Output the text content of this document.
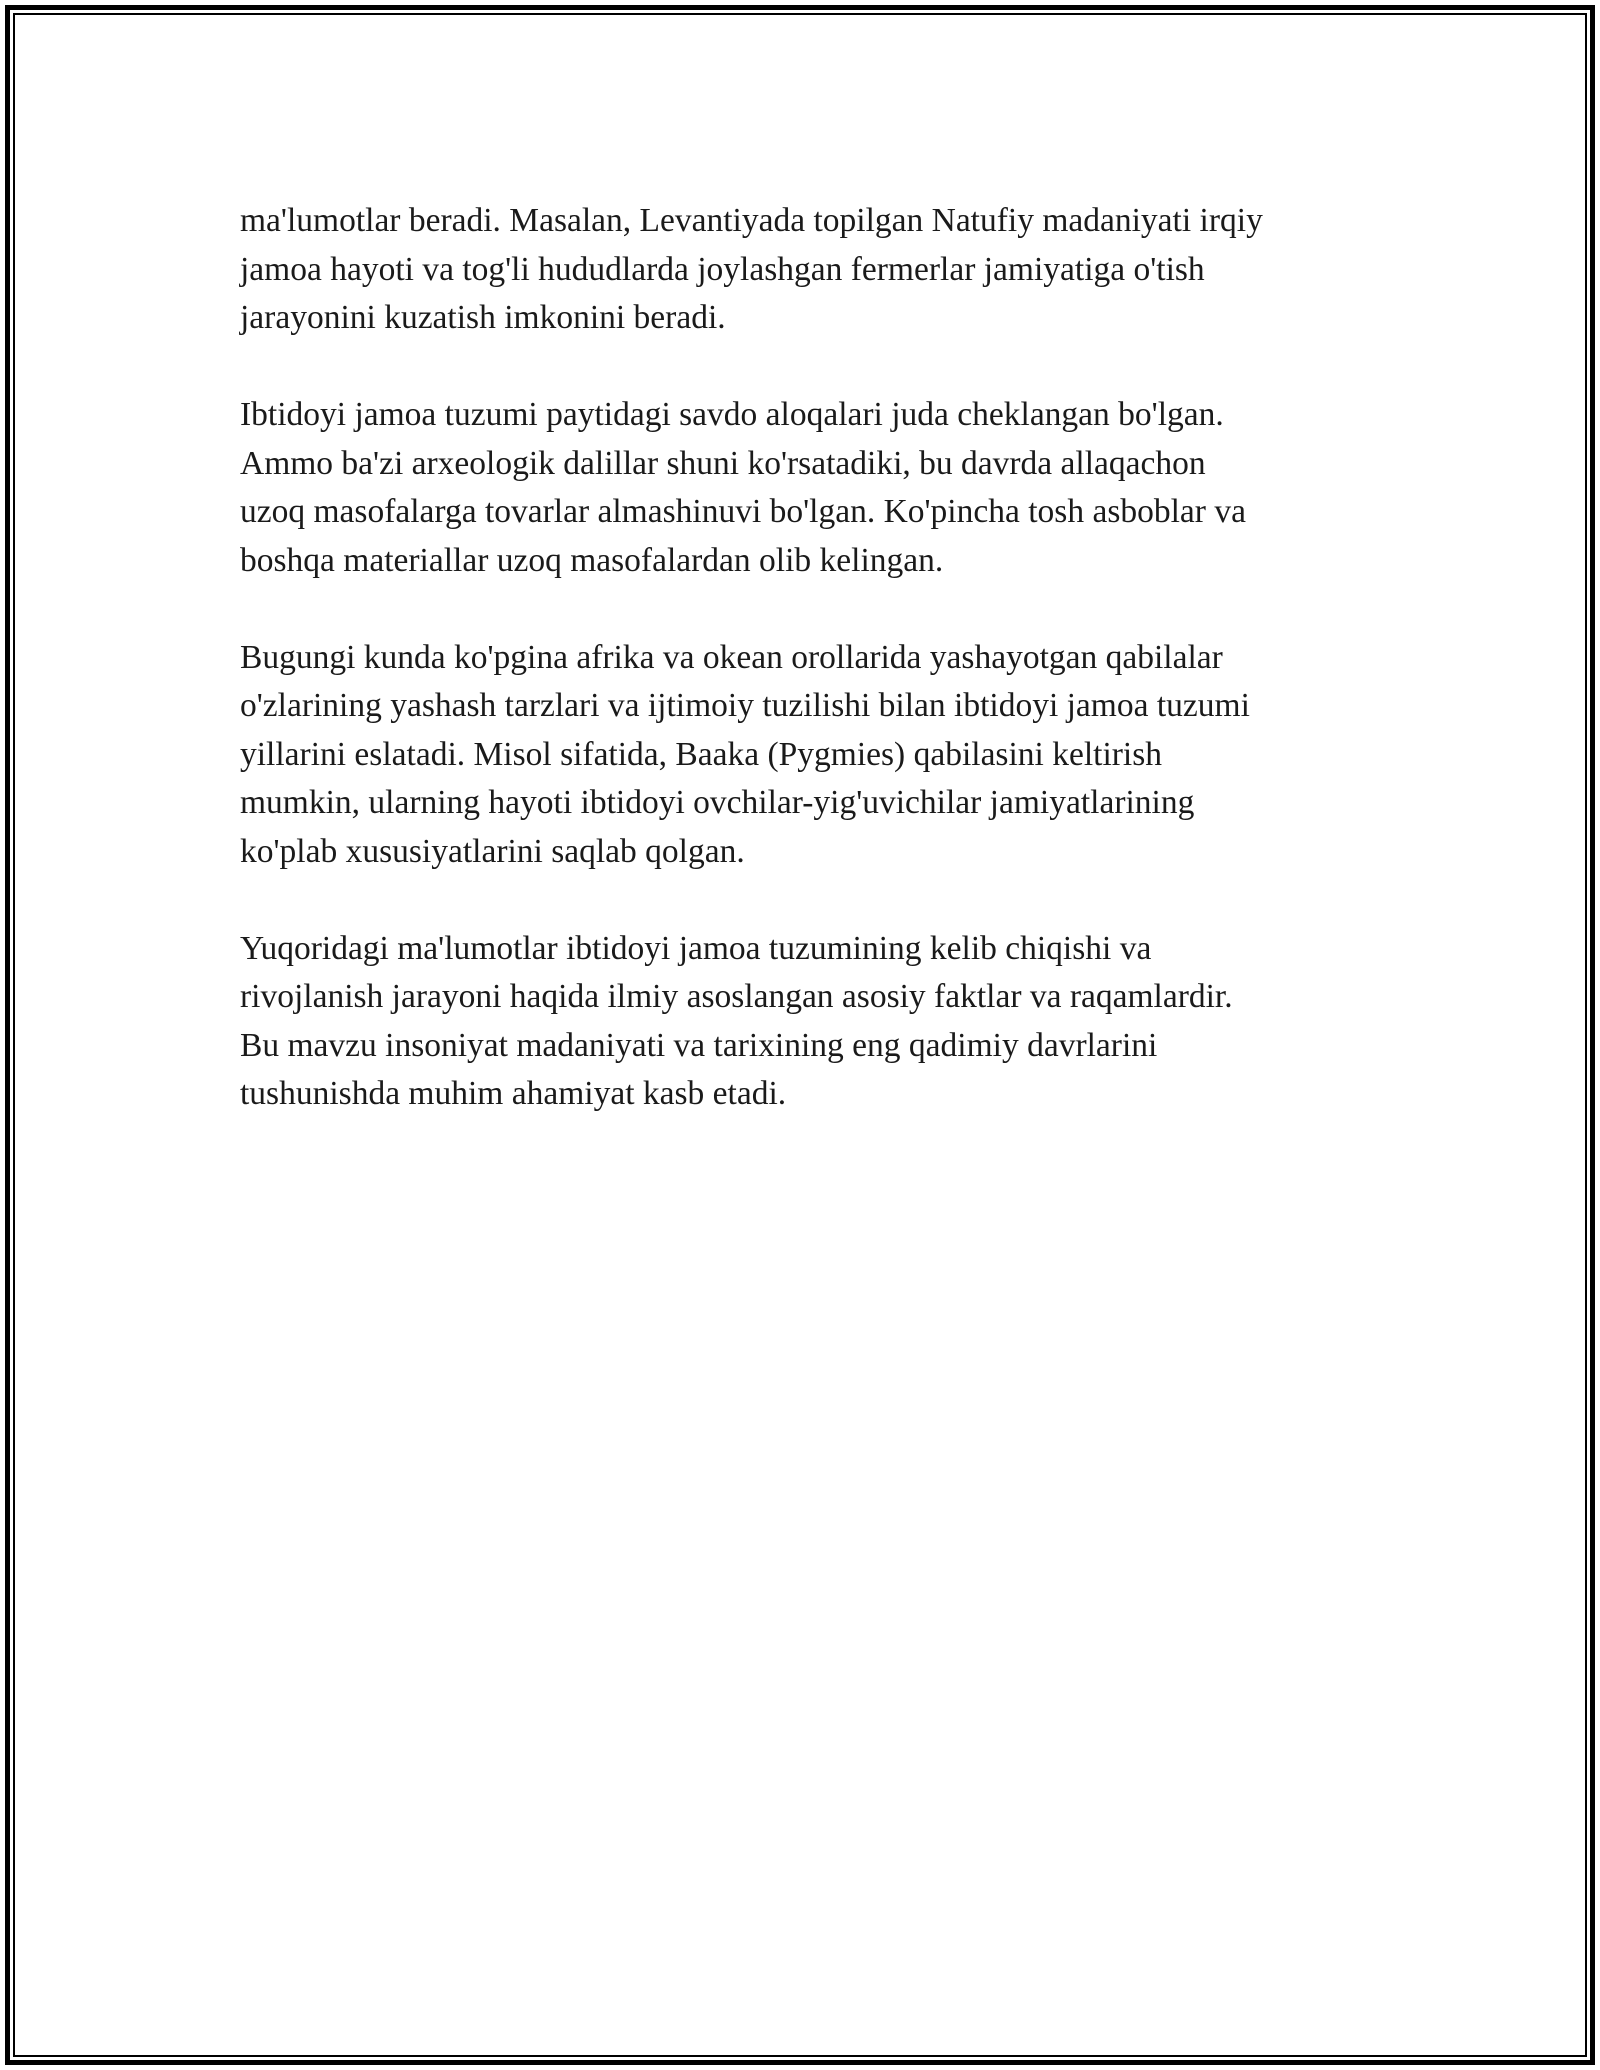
ma'lumotlar beradi. Masalan, Levantiyada topilgan Natufiy madaniyati irqiy
jamoa hayoti va tog'li hududlarda joylashgan fermerlar jamiyatiga o'tish
jarayonini kuzatish imkonini beradi.

Ibtidoyi jamoa tuzumi paytidagi savdo aloqalari juda cheklangan bo'lgan.
Ammo ba'zi arxeologik dalillar shuni ko'rsatadiki, bu davrda allaqachon
uzoq masofalarga tovarlar almashinuvi bo'lgan. Ko'pincha tosh asboblar va
boshqa materiallar uzoq masofalardan olib kelingan.

Bugungi kunda ko'pgina afrika va okean orollarida yashayotgan qabilalar
o'zlarining yashash tarzlari va ijtimoiy tuzilishi bilan ibtidoyi jamoa tuzumi
yillarini eslatadi. Misol sifatida, Baaka (Pygmies) qabilasini keltirish
mumkin, ularning hayoti ibtidoyi ovchilar-yig'uvichilar jamiyatlarining
ko'plab xususiyatlarini saqlab qolgan.

Yuqoridagi ma'lumotlar ibtidoyi jamoa tuzumining kelib chiqishi va
rivojlanish jarayoni haqida ilmiy asoslangan asosiy faktlar va raqamlardir.
Bu mavzu insoniyat madaniyati va tarixining eng qadimiy davrlarini
tushunishda muhim ahamiyat kasb etadi.
